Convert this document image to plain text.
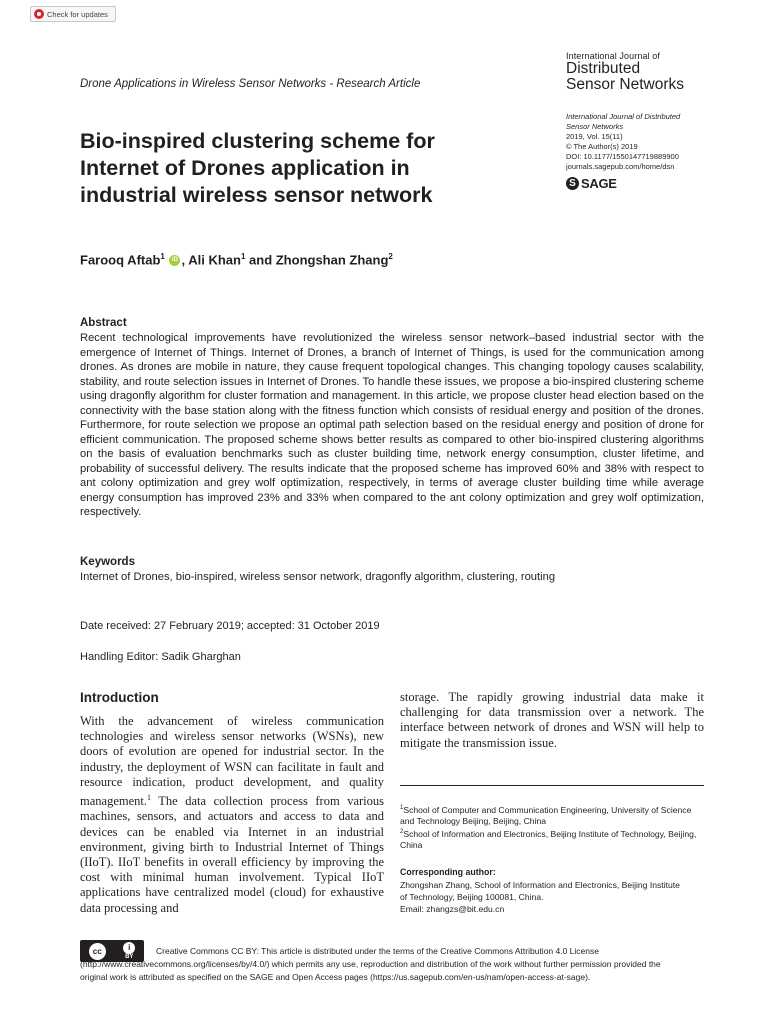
Check for updates
International Journal of
Distributed
Sensor Networks
Drone Applications in Wireless Sensor Networks - Research Article
International Journal of Distributed
Sensor Networks
2019, Vol. 15(11)
© The Author(s) 2019
DOI: 10.1177/1550147719889900
journals.sagepub.com/home/dsn
S SAGE
Bio-inspired clustering scheme for Internet of Drones application in industrial wireless sensor network
Farooq Aftab$^1$ iD , Ali Khan$^1$ and Zhongshan Zhang$^2$
Abstract

Recent technological improvements have revolutionized the wireless sensor network–based industrial sector with the emergence of Internet of Things. Internet of Drones, a branch of Internet of Things, is used for the communication among drones. As drones are mobile in nature, they cause frequent topological changes. This changing topology causes scalability, stability, and route selection issues in Internet of Drones. To handle these issues, we propose a bio-inspired clustering scheme using dragonfly algorithm for cluster formation and management. In this article, we propose cluster head election based on the connectivity with the base station along with the fitness function which consists of residual energy and position of the drones. Furthermore, for route selection we propose an optimal path selection based on the residual energy and position of drone for efficient communication. The proposed scheme shows better results as compared to other bio-inspired clustering algorithms on the basis of evaluation benchmarks such as cluster building time, network energy consumption, cluster lifetime, and probability of successful delivery. The results indicate that the proposed scheme has improved 60% and 38% with respect to ant colony optimization and grey wolf optimization, respectively, in terms of average cluster building time while average energy consumption has improved 23% and 33% when compared to the ant colony optimization and grey wolf optimization, respectively.

Keywords
Internet of Drones, bio-inspired, wireless sensor network, dragonfly algorithm, clustering, routing
Date received: 27 February 2019; accepted: 31 October 2019
Handling Editor: Sadik Gharghan
Introduction

With the advancement of wireless communication technologies and wireless sensor networks (WSNs), new doors of evolution are opened for industrial sector. In the industry, the deployment of WSN can facilitate in fault and resource indication, product development, and quality management.$^1$ The data collection process from various machines, sensors, and actuators and access to data and devices can be enabled via Internet in an industrial environment, giving birth to Industrial Internet of Things (IIoT). IIoT benefits in overall efficiency by improving the cost with minimal human involvement. Typical IIoT applications have centralized model (cloud) for exhaustive data processing and

storage. The rapidly growing industrial data make it challenging for data transmission over a network. The interface between network of drones and WSN will help to mitigate the transmission issue.

$^1$School of Computer and Communication Engineering, University of Science and Technology Beijing, Beijing, China
$^2$School of Information and Electronics, Beijing Institute of Technology, Beijing, China
Corresponding author:
Zhongshan Zhang, School of Information and Electronics, Beijing Institute
of Technology, Beijing 100081, China.
Email: zhangzs@bit.edu.cn
cc	i
BY

Creative Commons CC BY: This article is distributed under the terms of the Creative Commons Attribution 4.0 License (http://www.creativecommons.org/licenses/by/4.0/) which permits any use, reproduction and distribution of the work without further permission provided the original work is attributed as specified on the SAGE and Open Access pages (https://us.sagepub.com/en-us/nam/open-access-at-sage).
